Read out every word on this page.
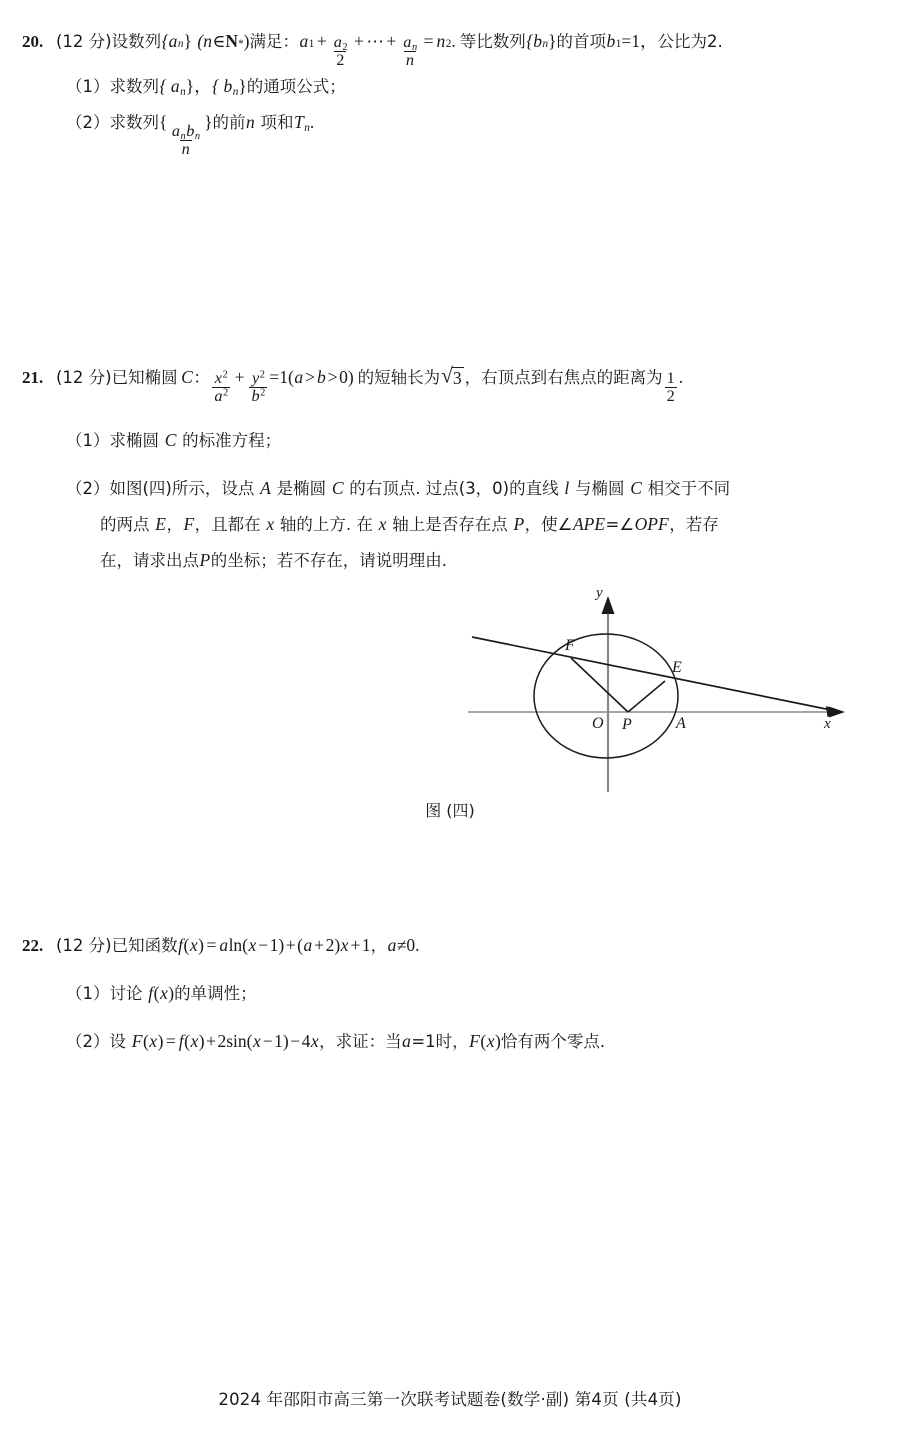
20. (12 分) 设数列 {a n } (n ∈ N * ) 满足： a $1 + \frac{a_2}{2}$ + ⋯ + $\frac{a_n}{n} = n$ 2 . 等比数列 {b n } 的首项 b 1 =1， 公比为2.
（1）求数列{ $a_n$}，{ $b_n$}的通项公式；
（2）求数列{
$\frac{a_nb_n}{n}$
}的前n 项和$T_n$.
21. (12 分) 已知椭圆 C ： $\frac{x^2}{a^2} + \frac{y^2}{b^2} =1$( a > b > 0) 的短轴长为 √ 3 ， 右顶点到右焦点的距离为 $\frac{1}{2}$ .
（1）求椭圆 C 的标准方程；
（2）如图(四)所示，设点 A 是椭圆 C 的右顶点. 过点(3，0)的直线 l 与椭圆 C 相交于不同
的两点 E，F，且都在 x 轴的上方. 在 x 轴上是否存在点 P，使∠APE=∠OPF，若存
在，请求出点P的坐标；若不存在，请说明理由.
y
x
F
E
O P	A
图 (四)
22. (12 分) 已知函数 f ( x ) = a ln( x − 1) + ( a + 2) x + 1 ， a ≠0.
（1）讨论 f(x)的单调性；
（2）设 F(x) = f(x)+2sin(x −1)−4x，求证：当a=1时，F(x)恰有两个零点.
2024 年邵阳市高三第一次联考试题卷(数学·副) 第4页 (共4页)
